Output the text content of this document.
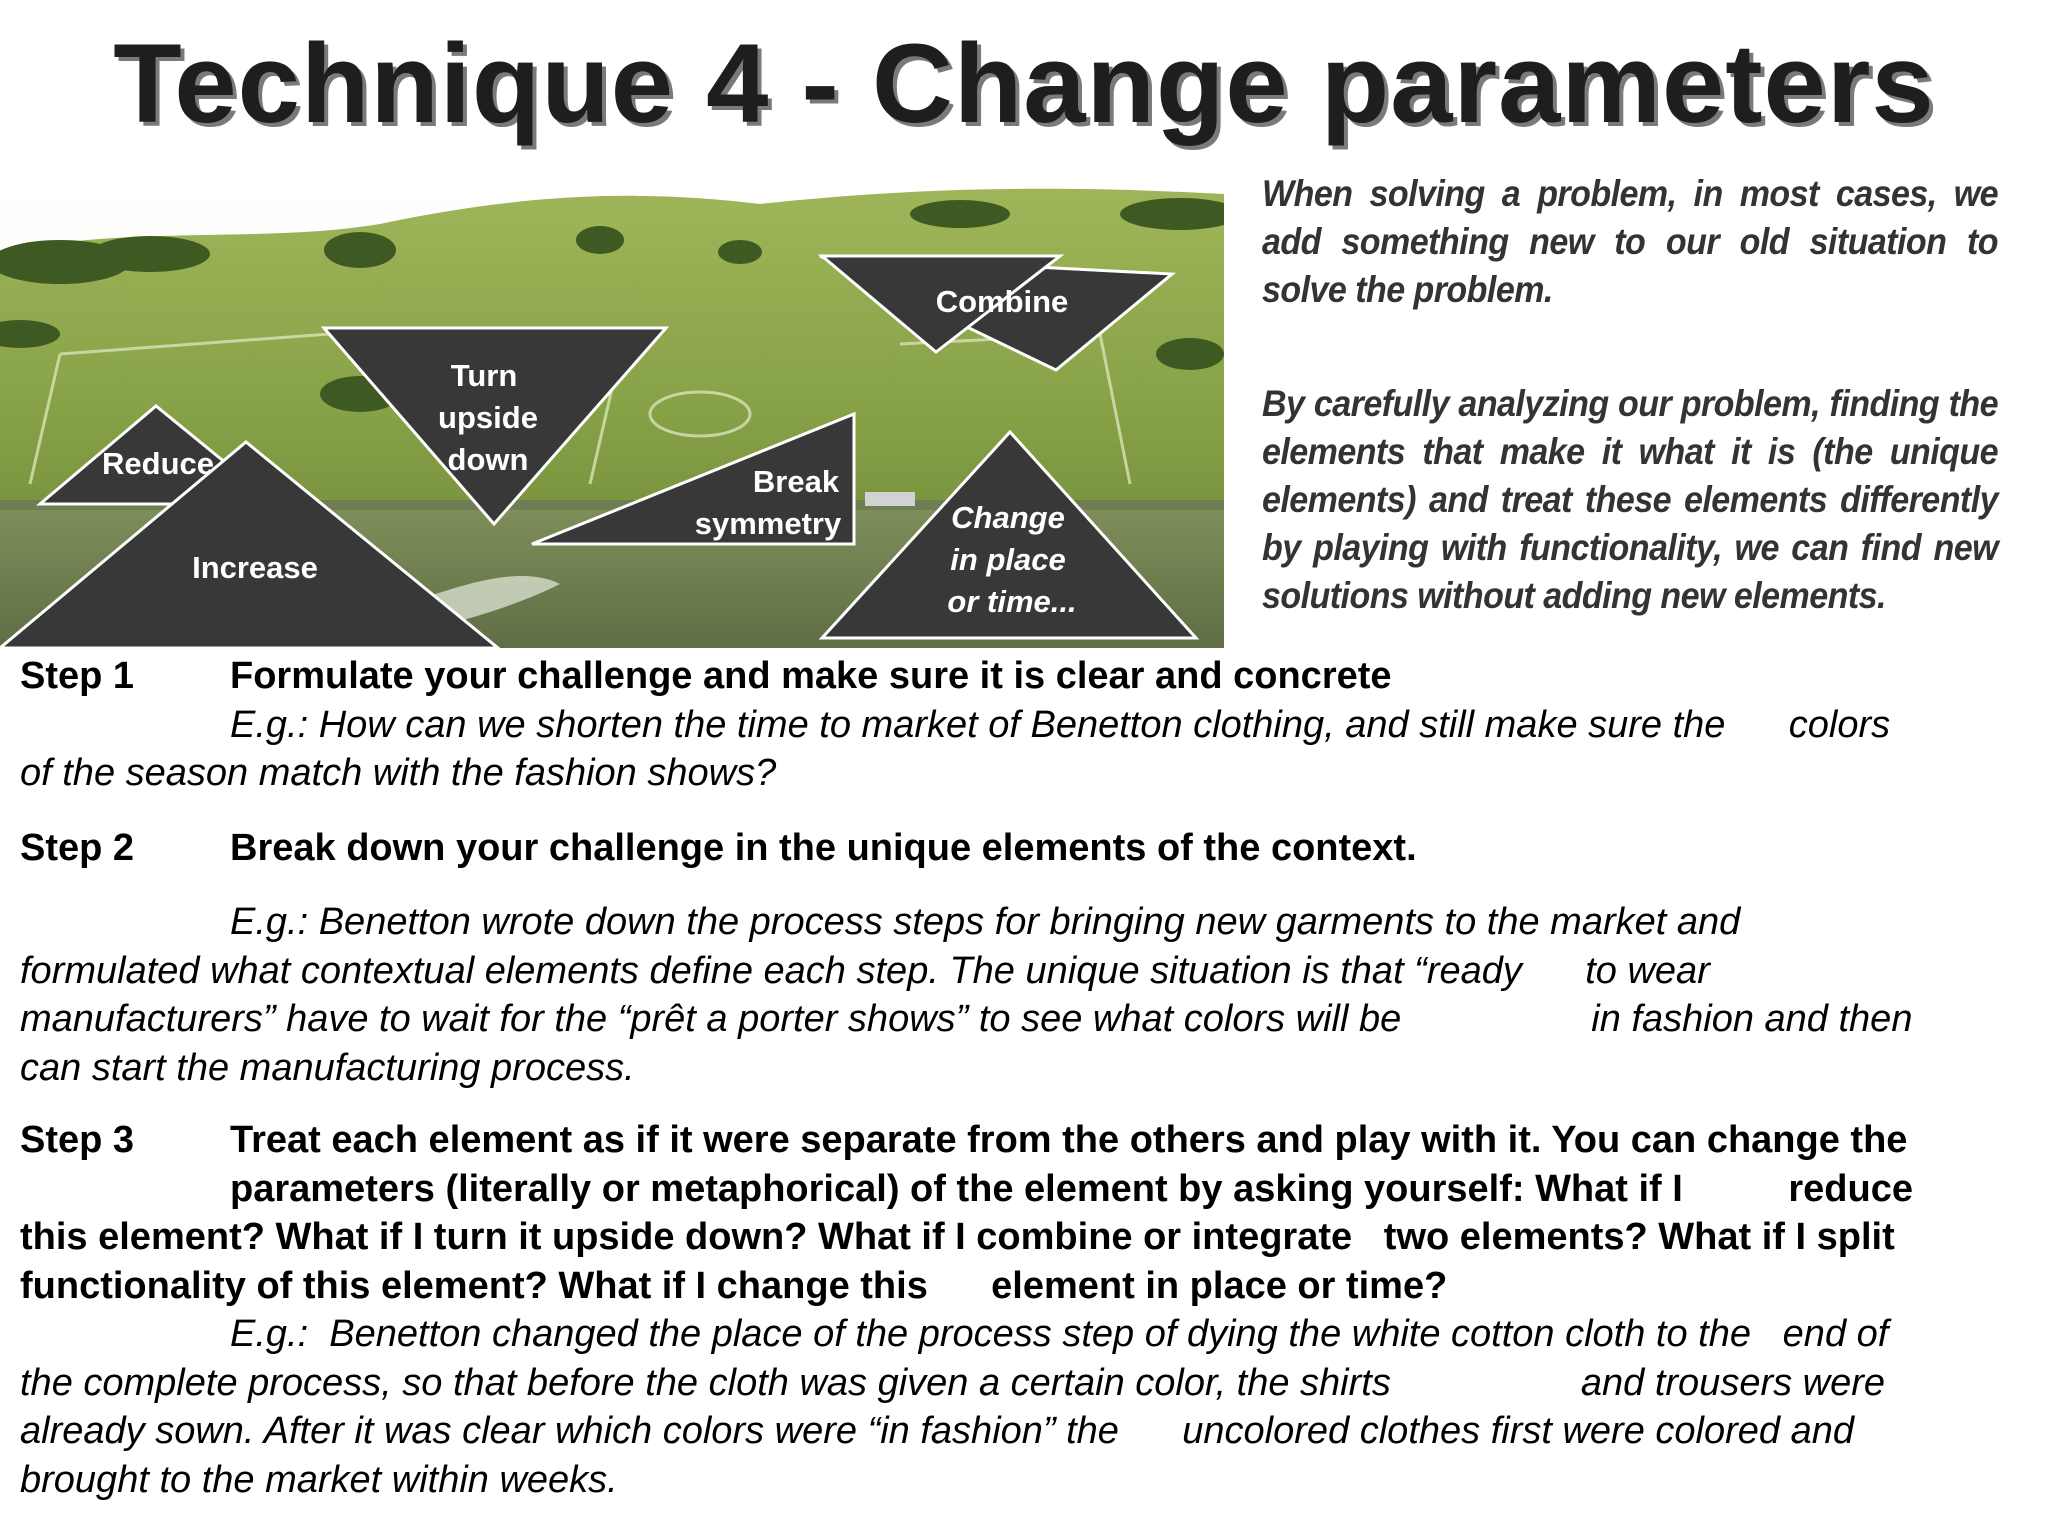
Technique 4 - Change parameters
Combine
Turn
upside
down
Reduce
Increase
Break
symmetry	Change
in place
or time...

When solving a problem, in most cases, we add something new to our old situation to solve the problem.

By carefully analyzing our problem, finding the elements that make it what it is (the unique elements) and treat these elements differently by playing with functionality, we can find new solutions without adding new elements.

Step 1	Formulate your challenge and make sure it is clear and concrete

E.g.: How can we shorten the time to market of Benetton clothing, and still make sure the      colors

of the season match with the fashion shows?

Step 2	Break down your challenge in the unique elements of the context.

E.g.: Benetton wrote down the process steps for bringing new garments to the market and

formulated what contextual elements define each step. The unique situation is that “ready      to wear

manufacturers” have to wait for the “prêt a porter shows” to see what colors will be                  in fashion and then

can start the manufacturing process.

Step 3	Treat each element as if it were separate from the others and play with it. You can change the

parameters (literally or metaphorical) of the element by asking yourself: What if I          reduce

this element? What if I turn it upside down? What if I combine or integrate   two elements? What if I split

functionality of this element? What if I change this      element in place or time?

E.g.:  Benetton changed the place of the process step of dying the white cotton cloth to the   end of

the complete process, so that before the cloth was given a certain color, the shirts                  and trousers were

already sown. After it was clear which colors were “in fashion” the      uncolored clothes first were colored and

brought to the market within weeks.
